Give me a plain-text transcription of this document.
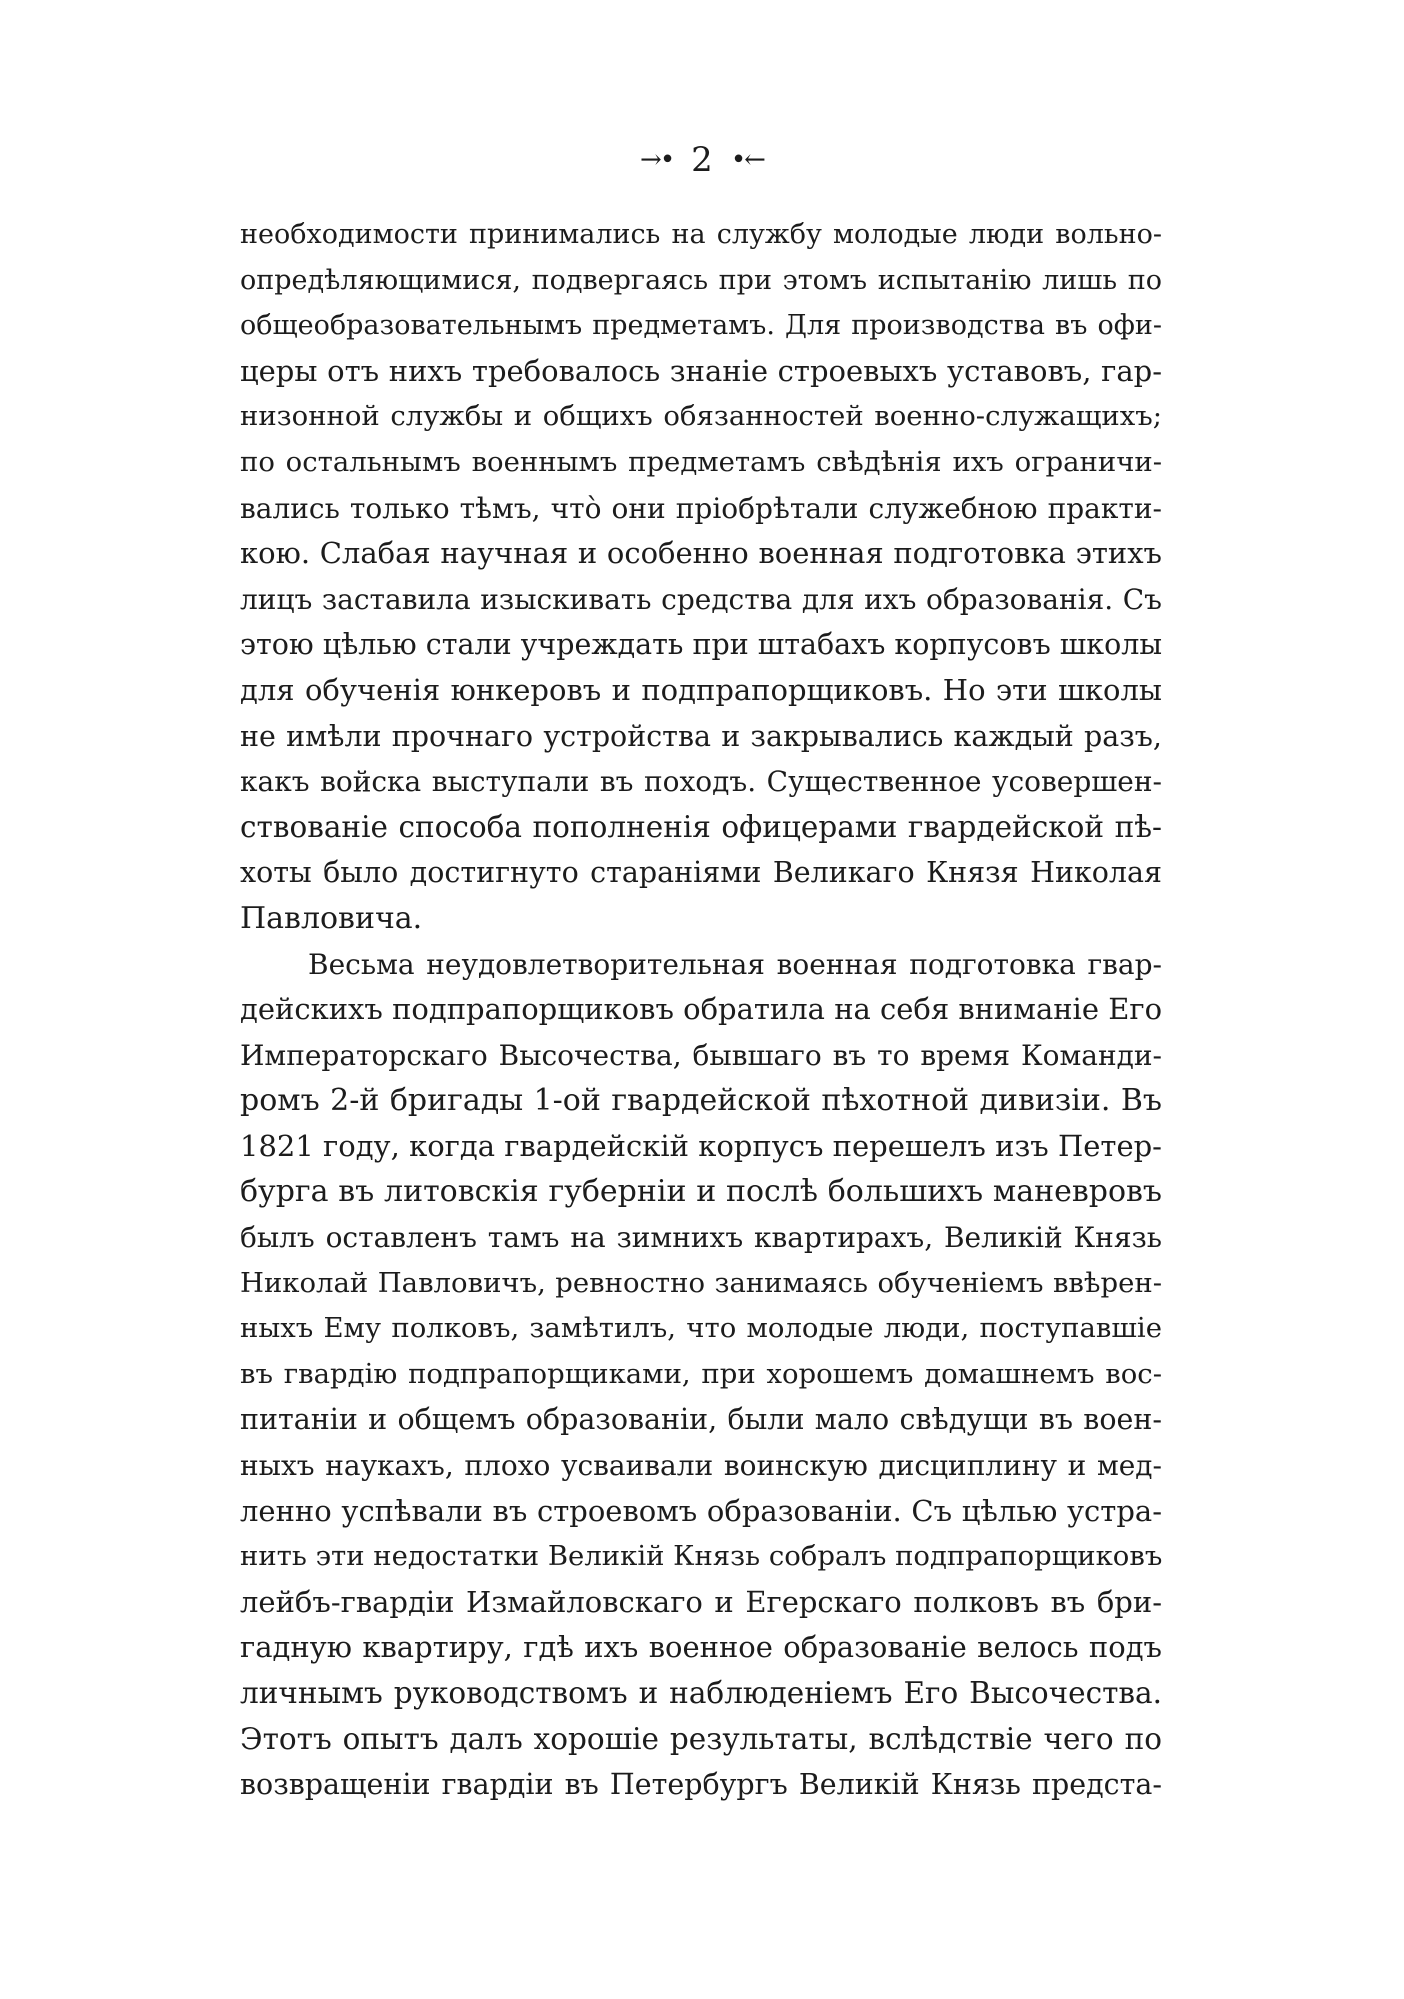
→• 2 •←
необходимости принимались на службу молодые люди вольно-
опредѣляющимися, подвергаясь при этомъ испытанію лишь по
общеобразовательнымъ предметамъ. Для производства въ офи-
церы отъ нихъ требовалось знаніе строевыхъ уставовъ, гар-
низонной службы и общихъ обязанностей военно-служащихъ;
по остальнымъ военнымъ предметамъ свѣдѣнія ихъ ограничи-
вались только тѣмъ, что̀ они пріобрѣтали служебною практи-
кою. Слабая научная и особенно военная подготовка этихъ
лицъ заставила изыскивать средства для ихъ образованія. Съ
этою цѣлью стали учреждать при штабахъ корпусовъ школы
для обученія юнкеровъ и подпрапорщиковъ. Но эти школы
не имѣли прочнаго устройства и закрывались каждый разъ,
какъ войска выступали въ походъ. Существенное усовершен-
ствованіе способа пополненія офицерами гвардейской пѣ-
хоты было достигнуто стараніями Великаго Князя Николая
Павловича.
Весьма неудовлетворительная военная подготовка гвар-
дейскихъ подпрапорщиковъ обратила на себя вниманіе Его
Императорскаго Высочества, бывшаго въ то время Команди-
ромъ 2-й бригады 1-ой гвардейской пѣхотной дивизіи. Въ
1821 году, когда гвардейскій корпусъ перешелъ изъ Петер-
бурга въ литовскія губерніи и послѣ большихъ маневровъ
былъ оставленъ тамъ на зимнихъ квартирахъ, Великій Князь
Николай Павловичъ, ревностно занимаясь обученіемъ ввѣрен-
ныхъ Ему полковъ, замѣтилъ, что молодые люди, поступавшіе
въ гвардію подпрапорщиками, при хорошемъ домашнемъ вос-
питаніи и общемъ образованіи, были мало свѣдущи въ воен-
ныхъ наукахъ, плохо усваивали воинскую дисциплину и мед-
ленно успѣвали въ строевомъ образованіи. Съ цѣлью устра-
нить эти недостатки Великій Князь собралъ подпрапорщиковъ
лейбъ-гвардіи Измайловскаго и Егерскаго полковъ въ бри-
гадную квартиру, гдѣ ихъ военное образованіе велось подъ
личнымъ руководствомъ и наблюденіемъ Его Высочества.
Этотъ опытъ далъ хорошіе результаты, вслѣдствіе чего по
возвращеніи гвардіи въ Петербургъ Великій Князь предста-
